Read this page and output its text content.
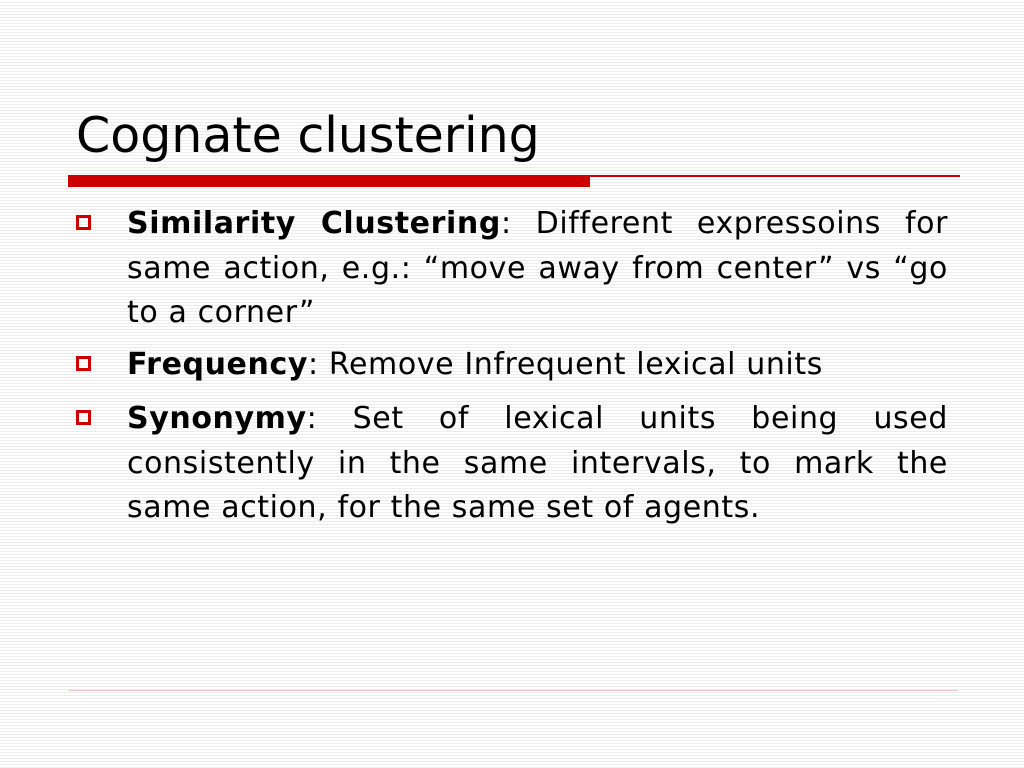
Cognate clustering
Similarity Clustering: Different expressoins for same action, e.g.: “move away from center” vs “go to a corner”
Frequency: Remove Infrequent lexical units
Synonymy: Set of lexical units being used consistently in the same intervals, to mark the same action, for the same set of agents.
